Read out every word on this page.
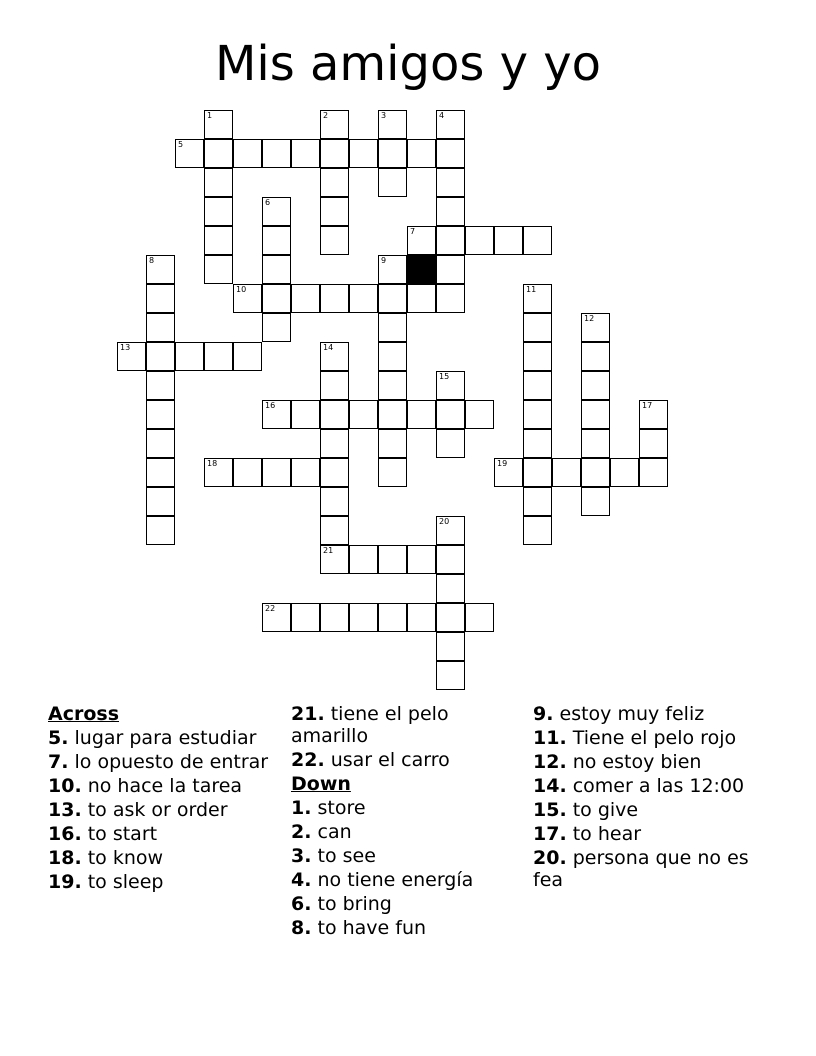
Mis amigos y yo
1	2	3	4
5
6
7
8	9
10	11
12
13	14
15
16	17
18	19
20
21
22
Across
5. lugar para estudiar
7. lo opuesto de entrar
10. no hace la tarea
13. to ask or order
16. to start
18. to know
19. to sleep
21. tiene el pelo amarillo
22. usar el carro
Down
1. store
2. can
3. to see
4. no tiene energía
6. to bring
8. to have fun
9. estoy muy feliz
11. Tiene el pelo rojo
12. no estoy bien
14. comer a las 12:00
15. to give
17. to hear
20. persona que no es fea
